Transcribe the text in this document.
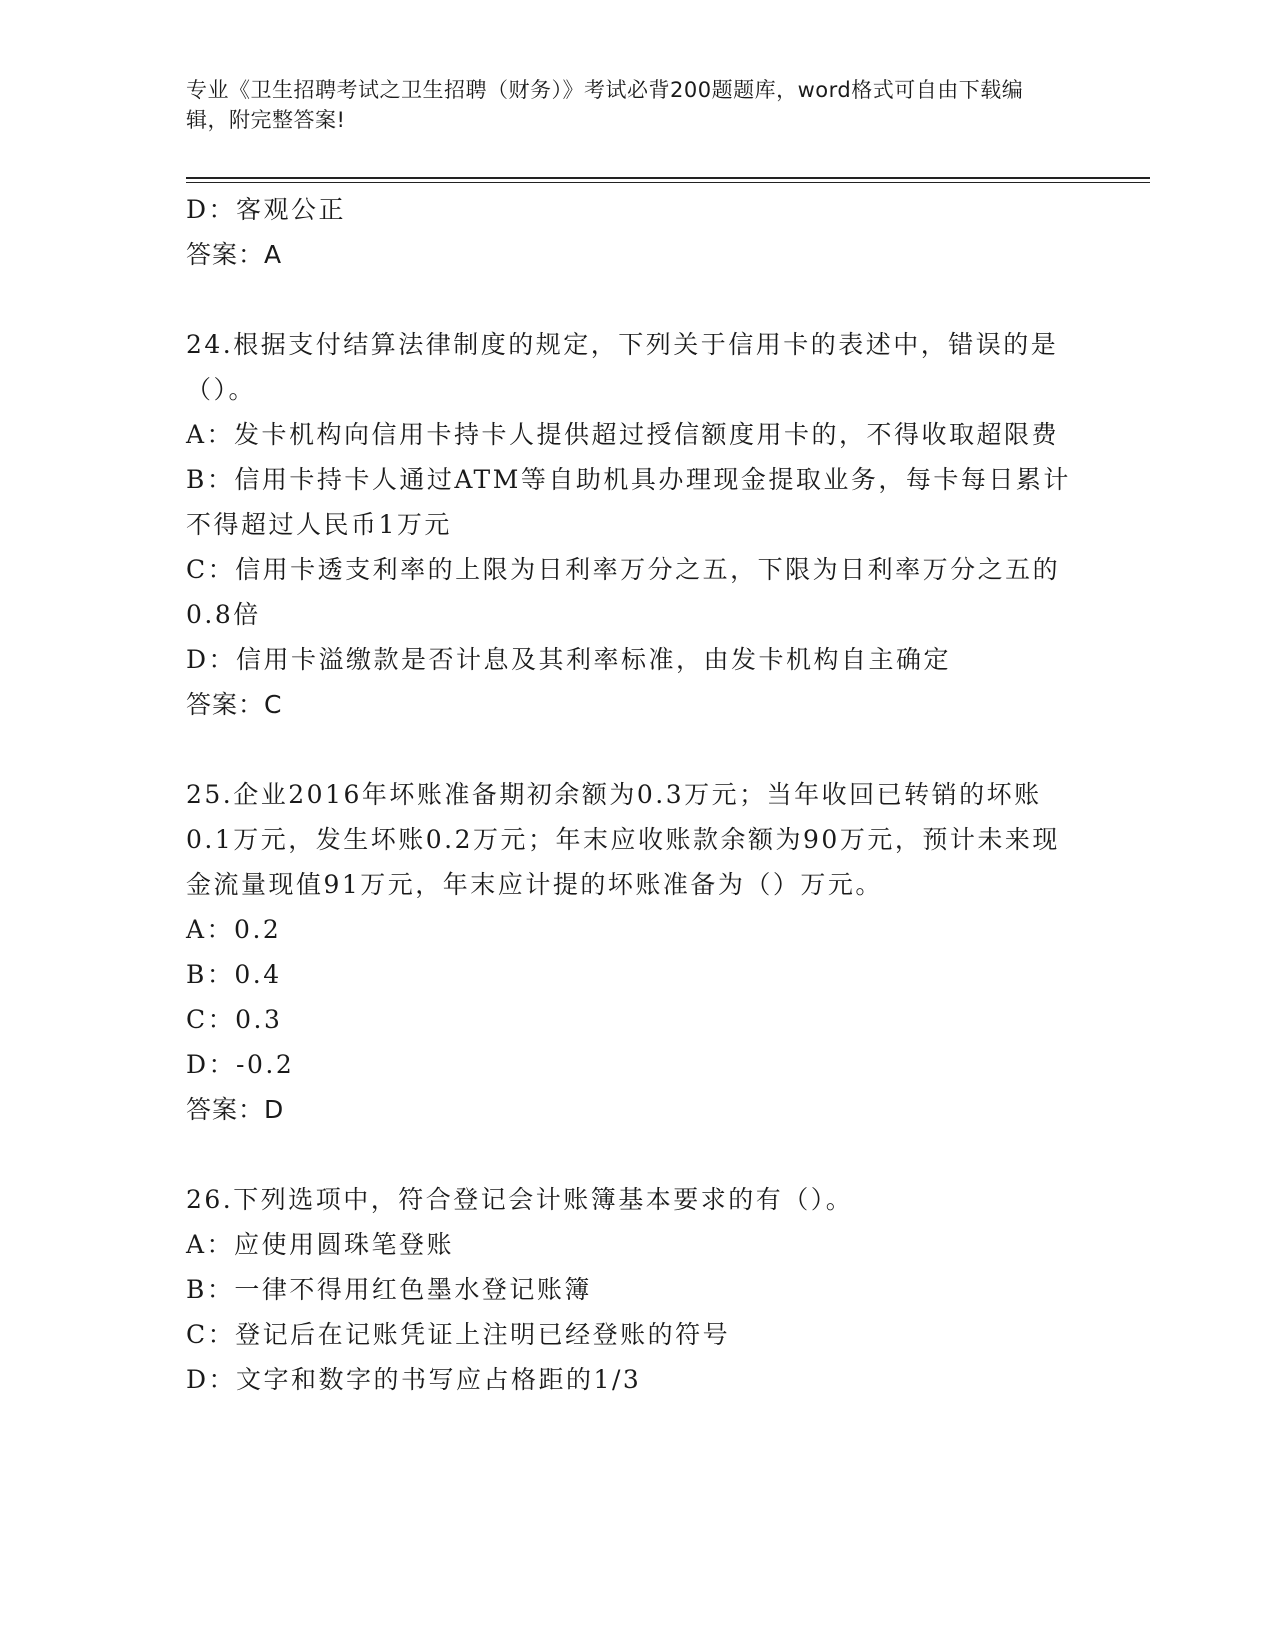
专业《卫生招聘考试之卫生招聘（财务）》考试必背200题题库，word格式可自由下载编辑，附完整答案!

D：客观公正

答案：A

24.根据支付结算法律制度的规定，下列关于信用卡的表述中，错误的是（）。

A：发卡机构向信用卡持卡人提供超过授信额度用卡的，不得收取超限费

B：信用卡持卡人通过ATM等自助机具办理现金提取业务，每卡每日累计不得超过人民币1万元

C：信用卡透支利率的上限为日利率万分之五，下限为日利率万分之五的0.8倍

D：信用卡溢缴款是否计息及其利率标准，由发卡机构自主确定

答案：C

25.企业2016年坏账准备期初余额为0.3万元；当年收回已转销的坏账0.1万元，发生坏账0.2万元；年末应收账款余额为90万元，预计未来现金流量现值91万元，年末应计提的坏账准备为（）万元。

A：0.2

B：0.4

C：0.3

D：-0.2

答案：D

26.下列选项中，符合登记会计账簿基本要求的有（）。

A：应使用圆珠笔登账

B：一律不得用红色墨水登记账簿

C：登记后在记账凭证上注明已经登账的符号

D：文字和数字的书写应占格距的1/3
